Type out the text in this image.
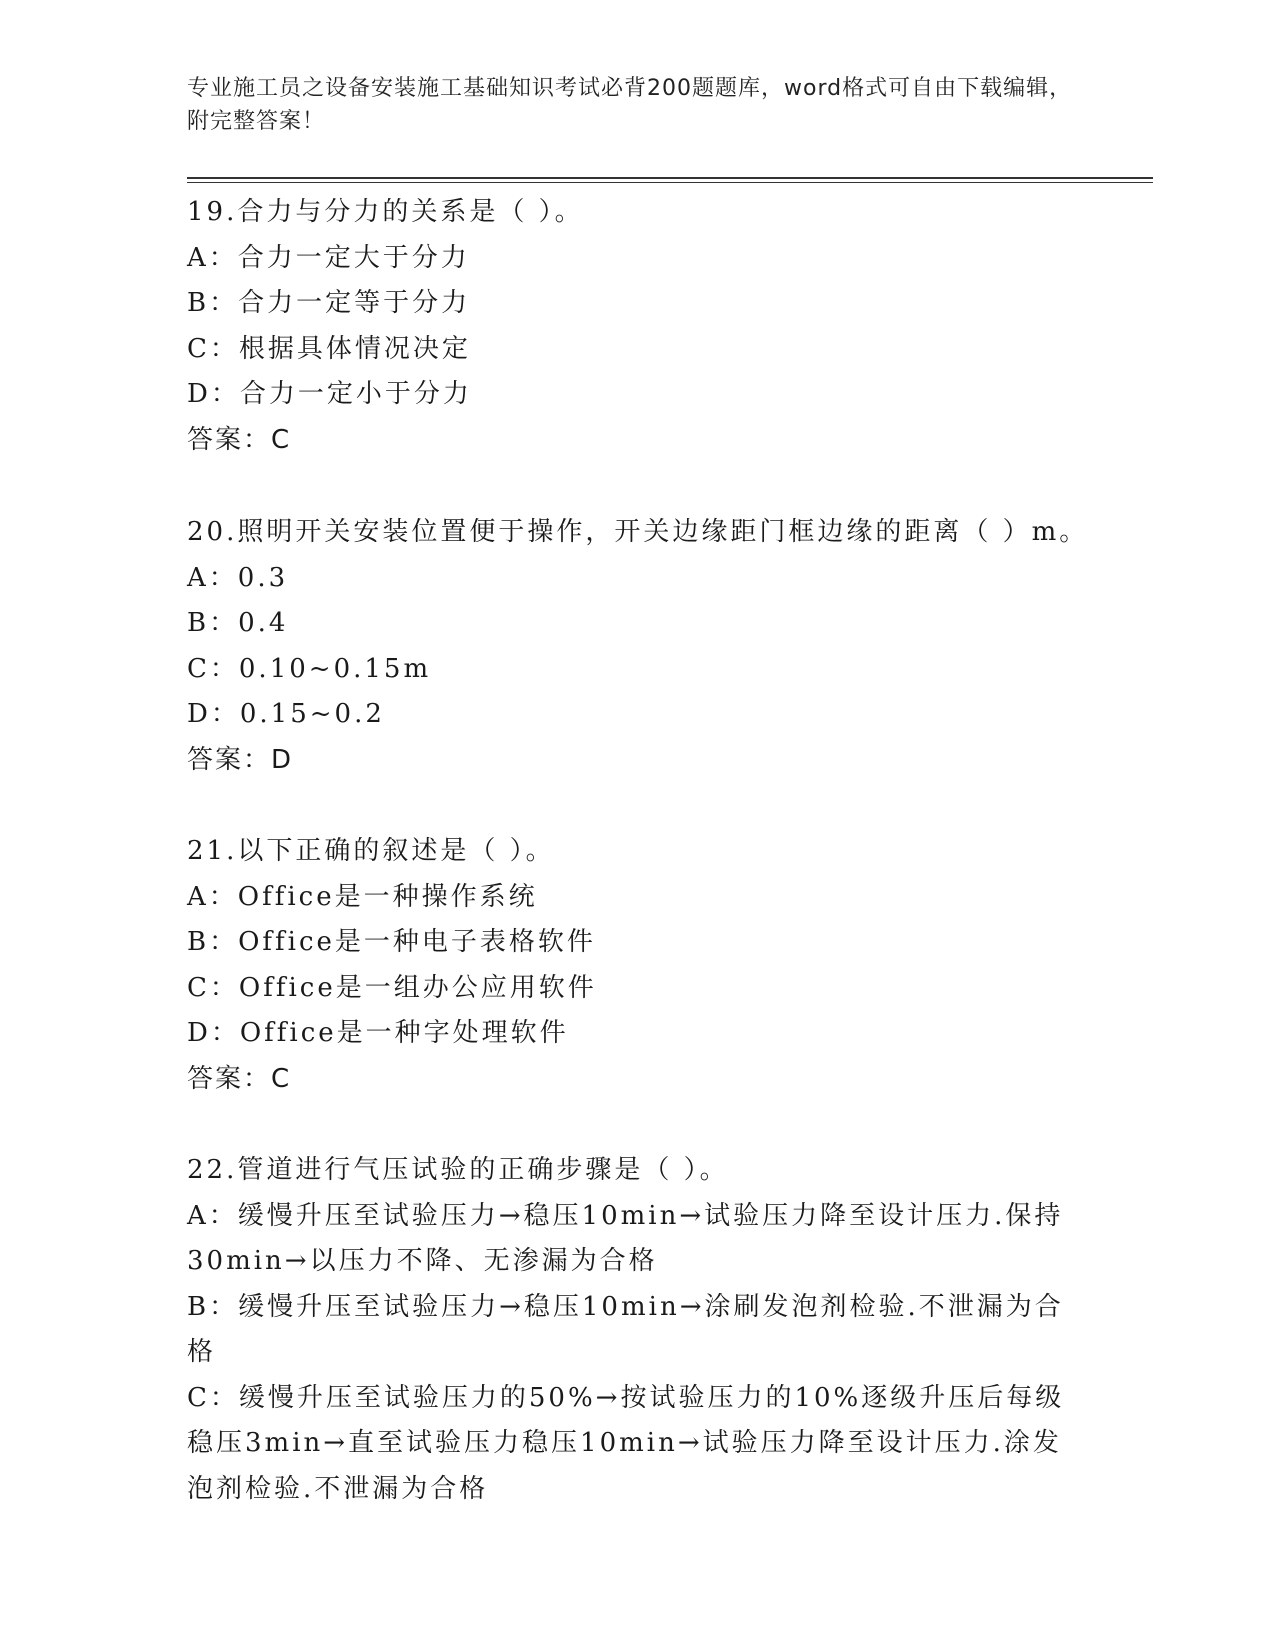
专业施工员之设备安装施工基础知识考试必背200题题库，word格式可自由下载编辑，附完整答案！
19.合力与分力的关系是（ ）。
A：合力一定大于分力
B：合力一定等于分力
C：根据具体情况决定
D：合力一定小于分力
答案：C
20.照明开关安装位置便于操作，开关边缘距门框边缘的距离（ ）m。
A：0.3
B：0.4
C：0.10~0.15m
D：0.15~0.2
答案：D
21.以下正确的叙述是（ ）。
A：Office是一种操作系统
B：Office是一种电子表格软件
C：Office是一组办公应用软件
D：Office是一种字处理软件
答案：C
22.管道进行气压试验的正确步骤是（ ）。
A：缓慢升压至试验压力→稳压10min→试验压力降至设计压力.保持30min→以压力不降、无渗漏为合格
B：缓慢升压至试验压力→稳压10min→涂刷发泡剂检验.不泄漏为合格
C：缓慢升压至试验压力的50%→按试验压力的10%逐级升压后每级稳压3min→直至试验压力稳压10min→试验压力降至设计压力.涂发泡剂检验.不泄漏为合格
